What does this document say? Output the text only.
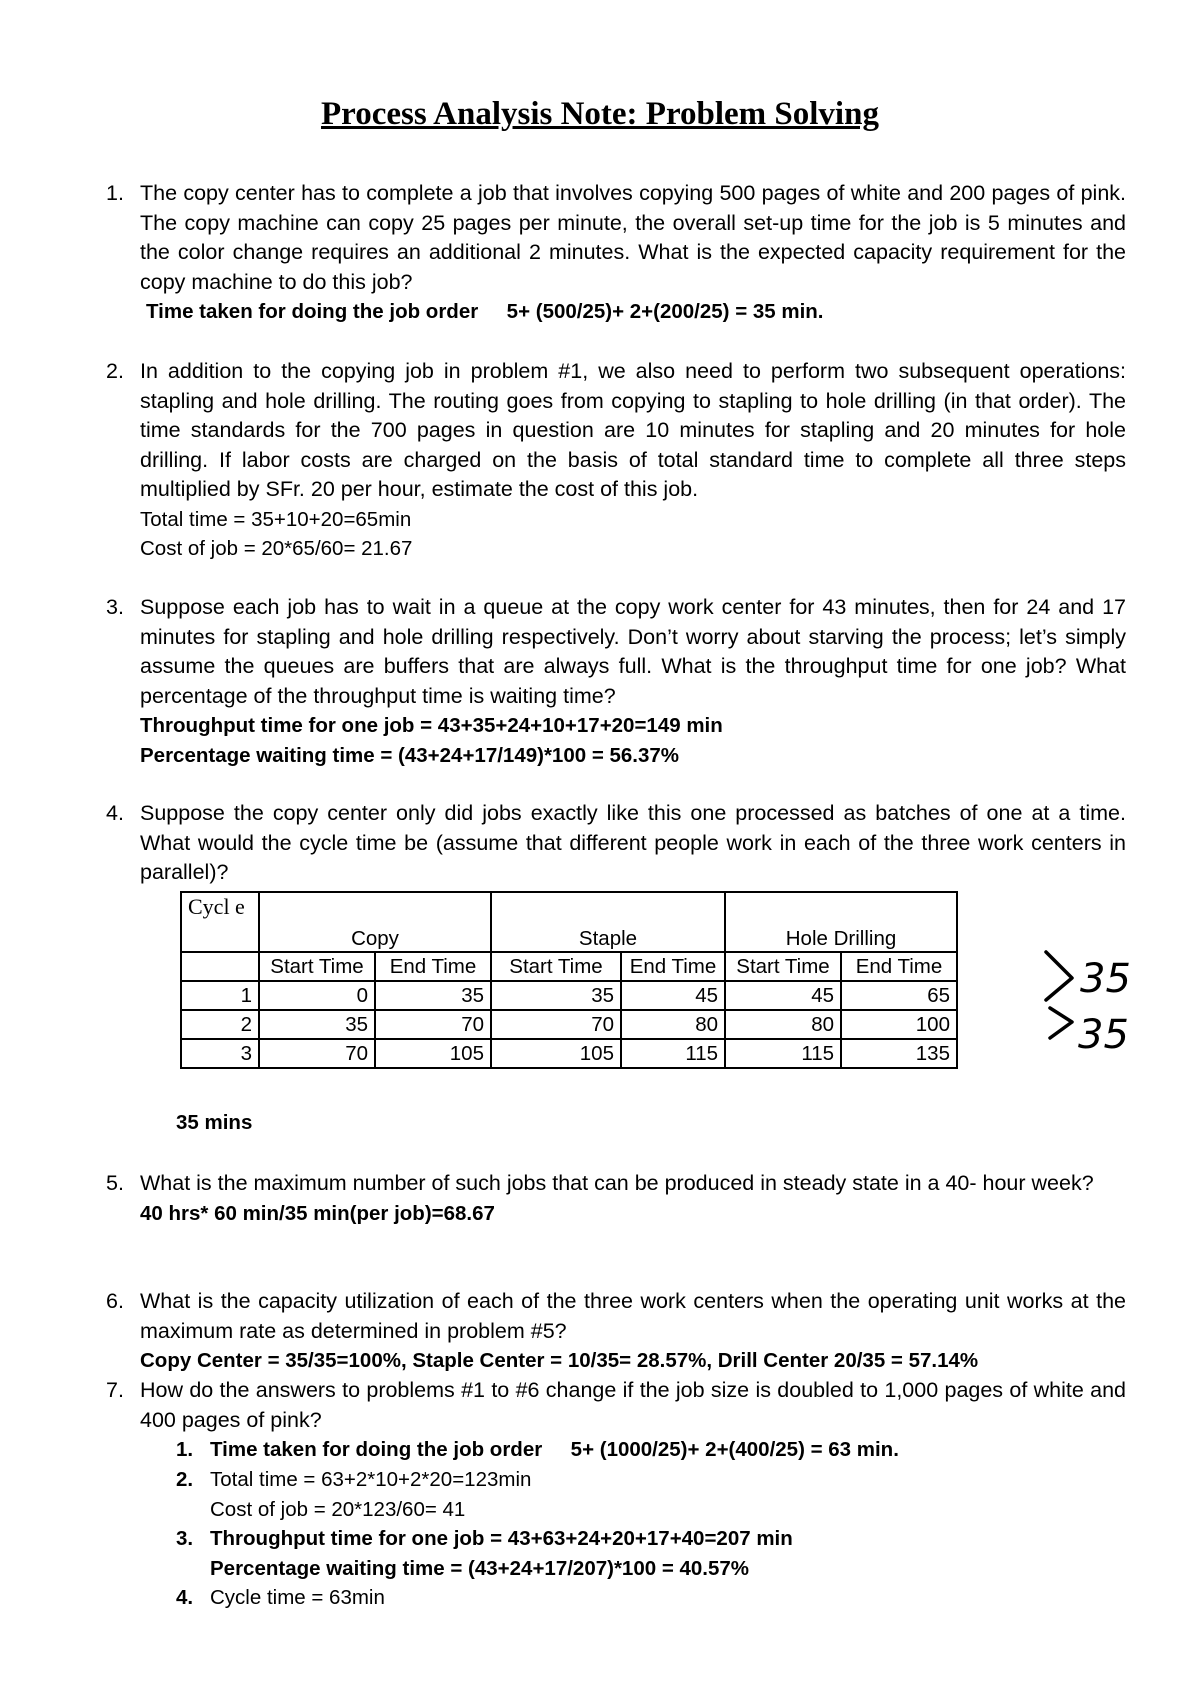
Process Analysis Note: Problem Solving
1. The copy center has to complete a job that involves copying 500 pages of white and 200 pages of pink. The copy machine can copy 25 pages per minute, the overall set-up time for the job is 5 minutes and the color change requires an additional 2 minutes. What is the expected capacity requirement for the copy machine to do this job?
Time taken for doing the job order     5+ (500/25)+ 2+(200/25) = 35 min.
2. In addition to the copying job in problem #1, we also need to perform two subsequent operations: stapling and hole drilling. The routing goes from copying to stapling to hole drilling (in that order). The time standards for the 700 pages in question are 10 minutes for stapling and 20 minutes for hole drilling. If labor costs are charged on the basis of total standard time to complete all three steps multiplied by SFr. 20 per hour, estimate the cost of this job.
Total time = 35+10+20=65min
Cost of job = 20*65/60= 21.67
3. Suppose each job has to wait in a queue at the copy work center for 43 minutes, then for 24 and 17 minutes for stapling and hole drilling respectively. Don’t worry about starving the process; let’s simply assume the queues are buffers that are always full. What is the throughput time for one job? What percentage of the throughput time is waiting time?
Throughput time for one job = 43+35+24+10+17+20=149 min
Percentage waiting time = (43+24+17/149)*100 = 56.37%
4. Suppose the copy center only did jobs exactly like this one processed as batches of one at a time. What would the cycle time be (assume that different people work in each of the three work centers in parallel)?
Cycl e	Copy		Staple		Hole Drilling	
	Start Time	End Time	Start Time	End Time	Start Time	End Time
1	0	35	35	45	45	65
2	35	70	70	80	80	100
3	70	105	105	115	115	135
35
35
35 mins
5. What is the maximum number of such jobs that can be produced in steady state in a 40- hour week?
40 hrs* 60 min/35 min(per job)=68.67
6. What is the capacity utilization of each of the three work centers when the operating unit works at the maximum rate as determined in problem #5?
Copy Center = 35/35=100%, Staple Center = 10/35= 28.57%, Drill Center 20/35 = 57.14%
7. How do the answers to problems #1 to #6 change if the job size is doubled to 1,000 pages of white and 400 pages of pink?
1. Time taken for doing the job order     5+ (1000/25)+ 2+(400/25) = 63 min.
2. Total time = 63+2*10+2*20=123min
Cost of job = 20*123/60= 41
3. Throughput time for one job = 43+63+24+20+17+40=207 min
Percentage waiting time = (43+24+17/207)*100 = 40.57%
4. Cycle time = 63min
